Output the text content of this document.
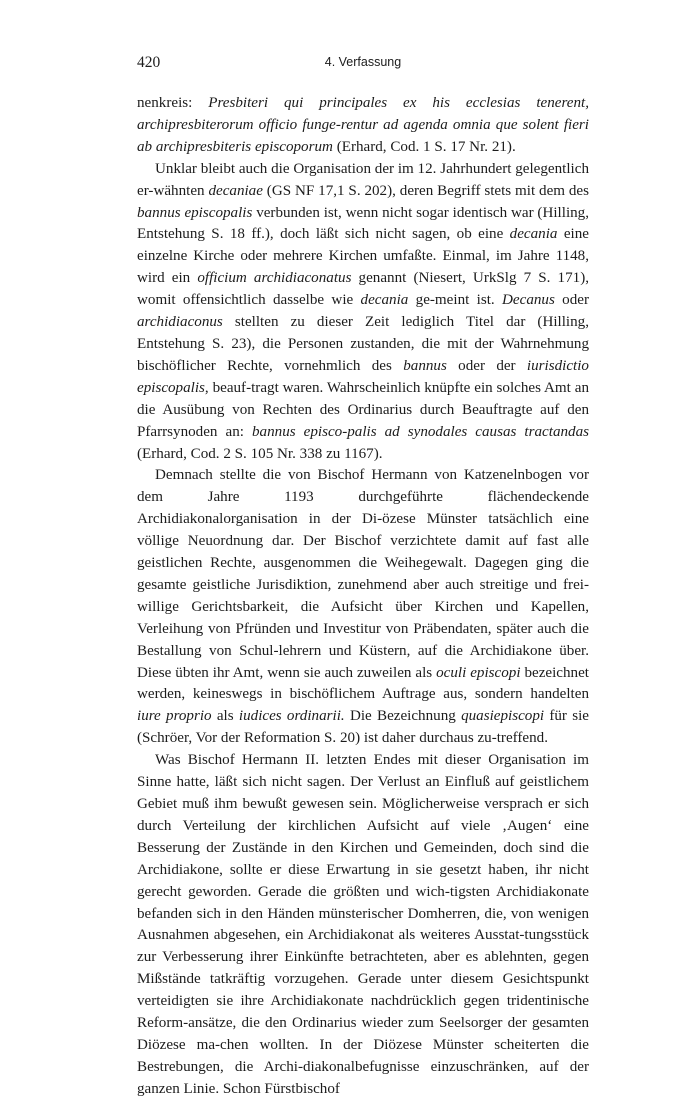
420	4. Verfassung

nenkreis: Presbiteri qui principales ex his ecclesias tenerent, archipresbiterorum officio funge-rentur ad agenda omnia que solent fieri ab archipresbiteris episcoporum (Erhard, Cod. 1 S. 17 Nr. 21).

Unklar bleibt auch die Organisation der im 12. Jahrhundert gelegentlich er-wähnten decaniae (GS NF 17,1 S. 202), deren Begriff stets mit dem des bannus episcopalis verbunden ist, wenn nicht sogar identisch war (Hilling, Entstehung S. 18 ff.), doch läßt sich nicht sagen, ob eine decania eine einzelne Kirche oder mehrere Kirchen umfaßte. Einmal, im Jahre 1148, wird ein officium archidiaconatus genannt (Niesert, UrkSlg 7 S. 171), womit offensichtlich dasselbe wie decania ge-meint ist. Decanus oder archidiaconus stellten zu dieser Zeit lediglich Titel dar (Hilling, Entstehung S. 23), die Personen zustanden, die mit der Wahrnehmung bischöflicher Rechte, vornehmlich des bannus oder der iurisdictio episcopalis, beauf-tragt waren. Wahrscheinlich knüpfte ein solches Amt an die Ausübung von Rechten des Ordinarius durch Beauftragte auf den Pfarrsynoden an: bannus episco-palis ad synodales causas tractandas (Erhard, Cod. 2 S. 105 Nr. 338 zu 1167).

Demnach stellte die von Bischof Hermann von Katzenelnbogen vor dem Jahre 1193 durchgeführte flächendeckende Archidiakonalorganisation in der Di-özese Münster tatsächlich eine völlige Neuordnung dar. Der Bischof verzichtete damit auf fast alle geistlichen Rechte, ausgenommen die Weihegewalt. Dagegen ging die gesamte geistliche Jurisdiktion, zunehmend aber auch streitige und frei-willige Gerichtsbarkeit, die Aufsicht über Kirchen und Kapellen, Verleihung von Pfründen und Investitur von Präbendaten, später auch die Bestallung von Schul-lehrern und Küstern, auf die Archidiakone über. Diese übten ihr Amt, wenn sie auch zuweilen als oculi episcopi bezeichnet werden, keineswegs in bischöflichem Auftrage aus, sondern handelten iure proprio als iudices ordinarii. Die Bezeichnung quasiepiscopi für sie (Schröer, Vor der Reformation S. 20) ist daher durchaus zu-treffend.

Was Bischof Hermann II. letzten Endes mit dieser Organisation im Sinne hatte, läßt sich nicht sagen. Der Verlust an Einfluß auf geistlichem Gebiet muß ihm bewußt gewesen sein. Möglicherweise versprach er sich durch Verteilung der kirchlichen Aufsicht auf viele ‚Augen‘ eine Besserung der Zustände in den Kirchen und Gemeinden, doch sind die Archidiakone, sollte er diese Erwartung in sie gesetzt haben, ihr nicht gerecht geworden. Gerade die größten und wich-tigsten Archidiakonate befanden sich in den Händen münsterischer Domherren, die, von wenigen Ausnahmen abgesehen, ein Archidiakonat als weiteres Ausstat-tungsstück zur Verbesserung ihrer Einkünfte betrachteten, aber es ablehnten, gegen Mißstände tatkräftig vorzugehen. Gerade unter diesem Gesichtspunkt verteidigten sie ihre Archidiakonate nachdrücklich gegen tridentinische Reform-ansätze, die den Ordinarius wieder zum Seelsorger der gesamten Diözese ma-chen wollten. In der Diözese Münster scheiterten die Bestrebungen, die Archi-diakonalbefugnisse einzuschränken, auf der ganzen Linie. Schon Fürstbischof
